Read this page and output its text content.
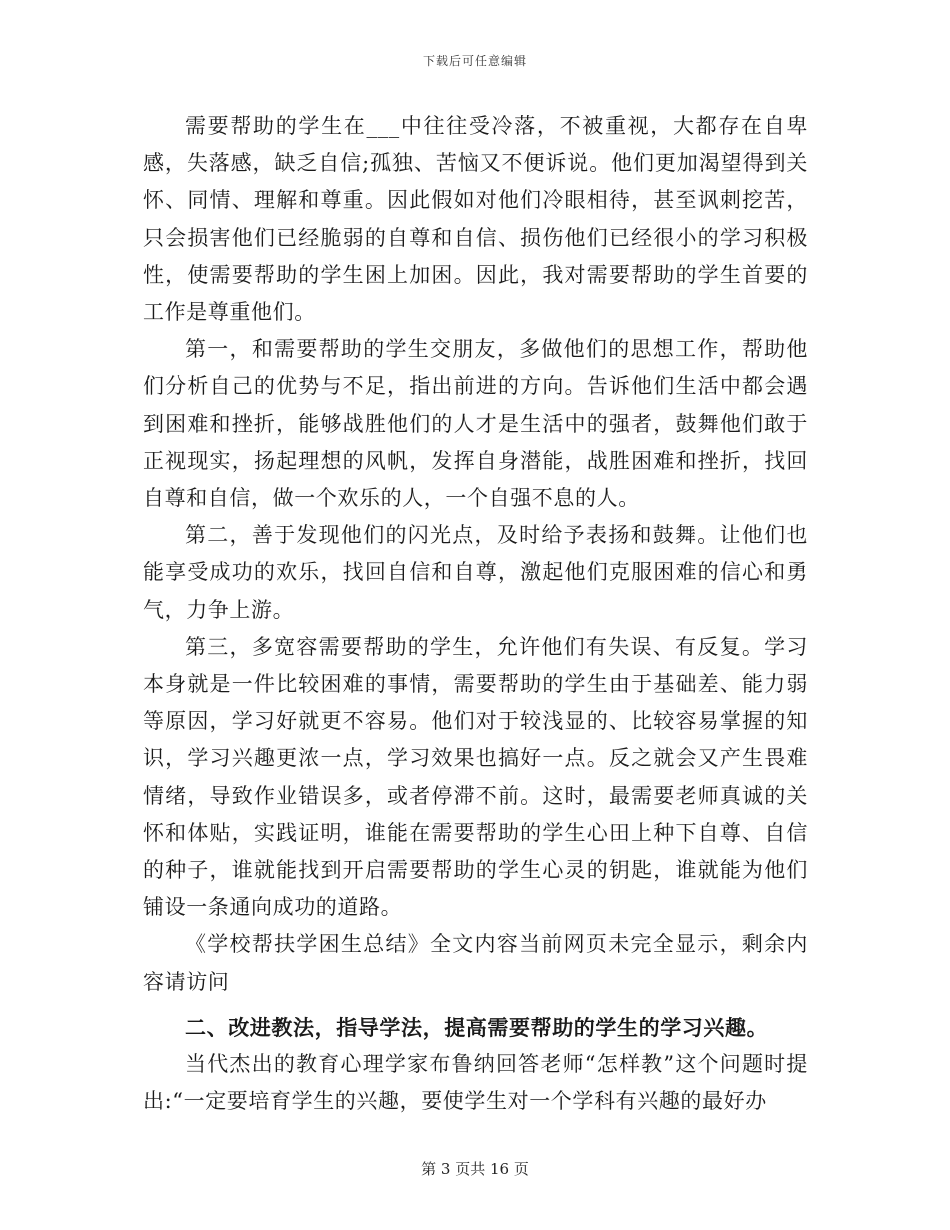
下载后可任意编辑

需要帮助的学生在___中往往受冷落，不被重视，大都存在自卑感，失落感，缺乏自信;孤独、苦恼又不便诉说。他们更加渴望得到关怀、同情、理解和尊重。因此假如对他们冷眼相待，甚至讽刺挖苦，只会损害他们已经脆弱的自尊和自信、损伤他们已经很小的学习积极性，使需要帮助的学生困上加困。因此，我对需要帮助的学生首要的工作是尊重他们。

第一，和需要帮助的学生交朋友，多做他们的思想工作，帮助他们分析自己的优势与不足，指出前进的方向。告诉他们生活中都会遇到困难和挫折，能够战胜他们的人才是生活中的强者，鼓舞他们敢于正视现实，扬起理想的风帆，发挥自身潜能，战胜困难和挫折，找回自尊和自信，做一个欢乐的人，一个自强不息的人。

第二，善于发现他们的闪光点，及时给予表扬和鼓舞。让他们也能享受成功的欢乐，找回自信和自尊，激起他们克服困难的信心和勇气，力争上游。

第三，多宽容需要帮助的学生，允许他们有失误、有反复。学习本身就是一件比较困难的事情，需要帮助的学生由于基础差、能力弱等原因，学习好就更不容易。他们对于较浅显的、比较容易掌握的知识，学习兴趣更浓一点，学习效果也搞好一点。反之就会又产生畏难情绪，导致作业错误多，或者停滞不前。这时，最需要老师真诚的关怀和体贴，实践证明，谁能在需要帮助的学生心田上种下自尊、自信的种子，谁就能找到开启需要帮助的学生心灵的钥匙，谁就能为他们铺设一条通向成功的道路。

《学校帮扶学困生总结》全文内容当前网页未完全显示，剩余内容请访问

二、改进教法，指导学法，提高需要帮助的学生的学习兴趣。

当代杰出的教育心理学家布鲁纳回答老师“怎样教”这个问题时提出:“一定要培育学生的兴趣，要使学生对一个学科有兴趣的最好办

第 3 页共 16 页
